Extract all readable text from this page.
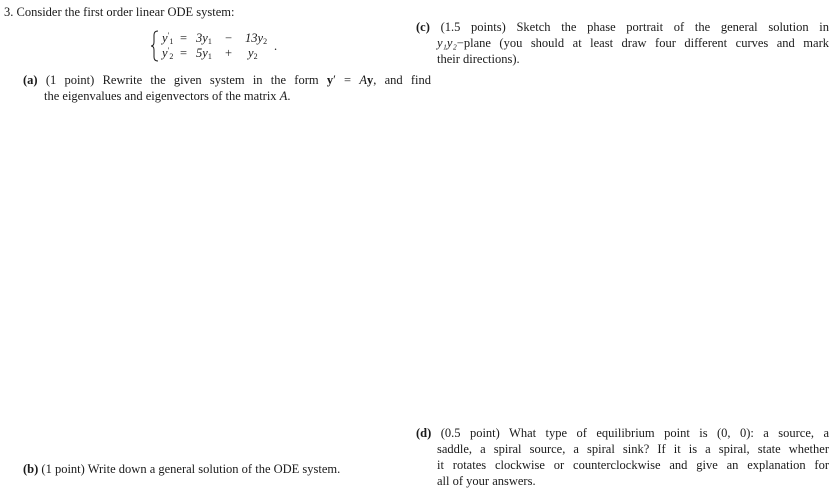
3. Consider the first order linear ODE system:
$y'_1 = 3y_1 - 13y_2$
$y'_2 = 5y_1 + y_2$
.
(a) (1 point) Rewrite the given system in the form y′ = Ay, and find
the eigenvalues and eigenvectors of the matrix A.
(b) (1 point) Write down a general solution of the ODE system.
(c) (1.5 points) Sketch the phase portrait of the general solution in
y₁y₂−plane (you should at least draw four different curves and mark
their directions).
(d) (0.5 point) What type of equilibrium point is (0, 0): a source, a
saddle, a spiral source, a spiral sink? If it is a spiral, state whether
it rotates clockwise or counterclockwise and give an explanation for
all of your answers.
